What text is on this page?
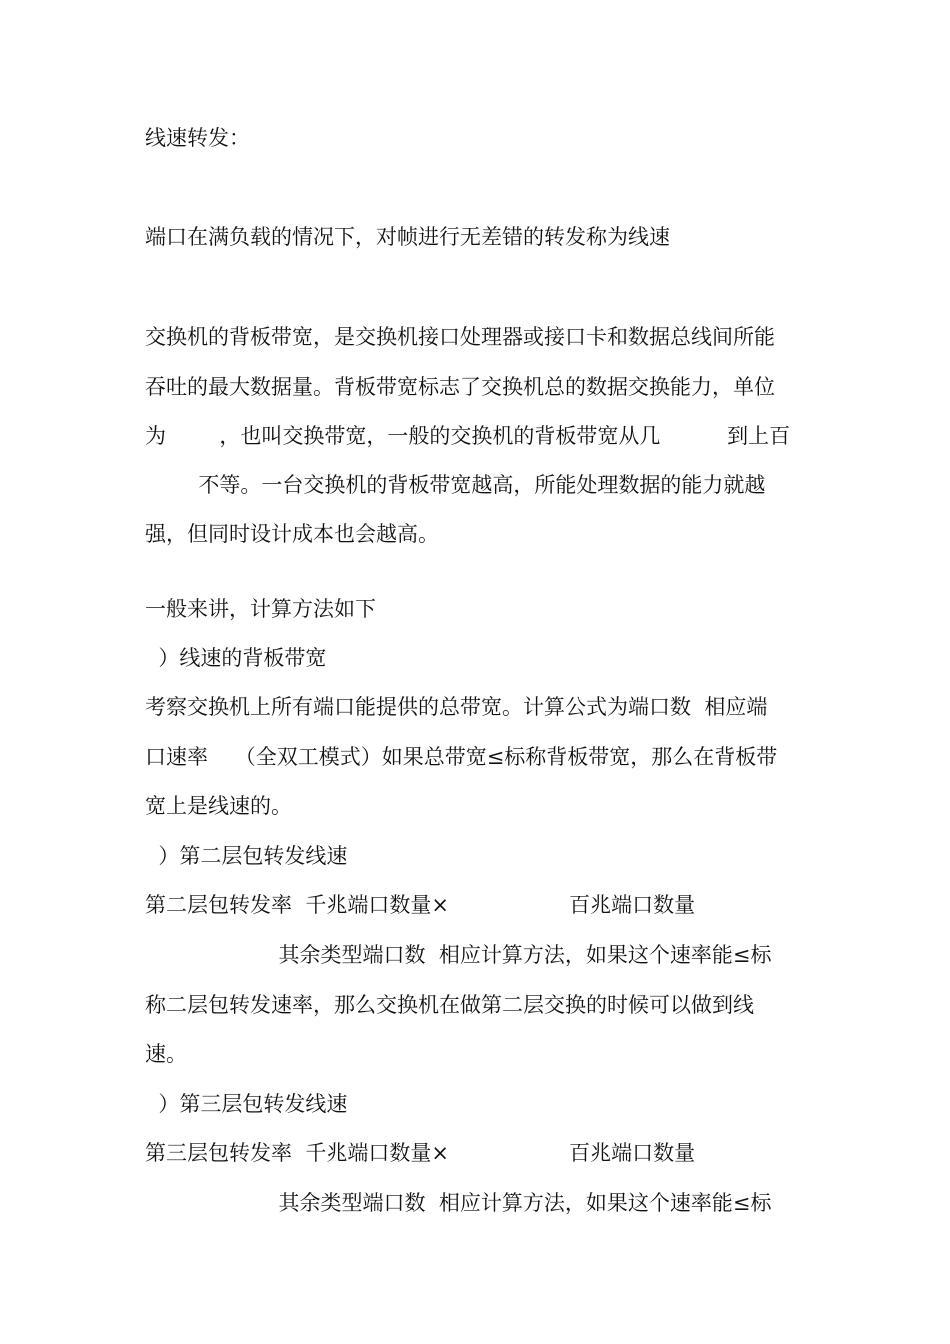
线速转发：

端口在满负载的情况下，对帧进行无差错的转发称为线速

交换机的背板带宽，是交换机接口处理器或接口卡和数据总线间所能

吞吐的最大数据量。背板带宽标志了交换机总的数据交换能力，单位

为        ，也叫交换带宽，一般的交换机的背板带宽从几          到上百

不等。一台交换机的背板带宽越高，所能处理数据的能力就越

强，但同时设计成本也会越高。

一般来讲，计算方法如下

）线速的背板带宽

考察交换机上所有端口能提供的总带宽。计算公式为端口数  相应端

口速率    （全双工模式）如果总带宽≤标称背板带宽，那么在背板带

宽上是线速的。

）第二层包转发线速

第二层包转发率  千兆端口数量×                  百兆端口数量

其余类型端口数  相应计算方法，如果这个速率能≤标

称二层包转发速率，那么交换机在做第二层交换的时候可以做到线

速。

）第三层包转发线速

第三层包转发率  千兆端口数量×                  百兆端口数量

其余类型端口数  相应计算方法，如果这个速率能≤标
